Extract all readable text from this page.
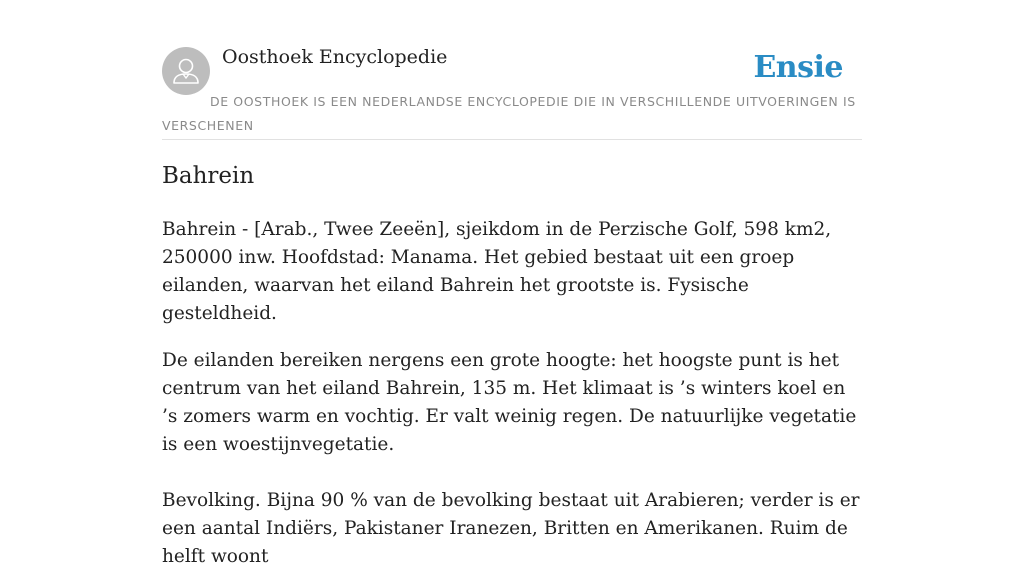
Oosthoek Encyclopedie	Ensie
DE OOSTHOEK IS EEN NEDERLANDSE ENCYCLOPEDIE DIE IN VERSCHILLENDE UITVOERINGEN IS VERSCHENEN
Bahrein

Bahrein - [Arab., Twee Zeeën], sjeikdom in de Perzische Golf, 598 km2, 250000 inw. Hoofdstad: Manama. Het gebied bestaat uit een groep eilanden, waarvan het eiland Bahrein het grootste is. Fysische gesteldheid.

De eilanden bereiken nergens een grote hoogte: het hoogste punt is het centrum van het eiland Bahrein, 135 m. Het klimaat is ’s winters koel en ’s zomers warm en vochtig. Er valt weinig regen. De natuurlijke vegetatie is een woestijnvegetatie.

Bevolking. Bijna 90 % van de bevolking bestaat uit Arabieren; verder is er een aantal Indiërs, Pakistaner Iranezen, Britten en Amerikanen. Ruim de helft woont
